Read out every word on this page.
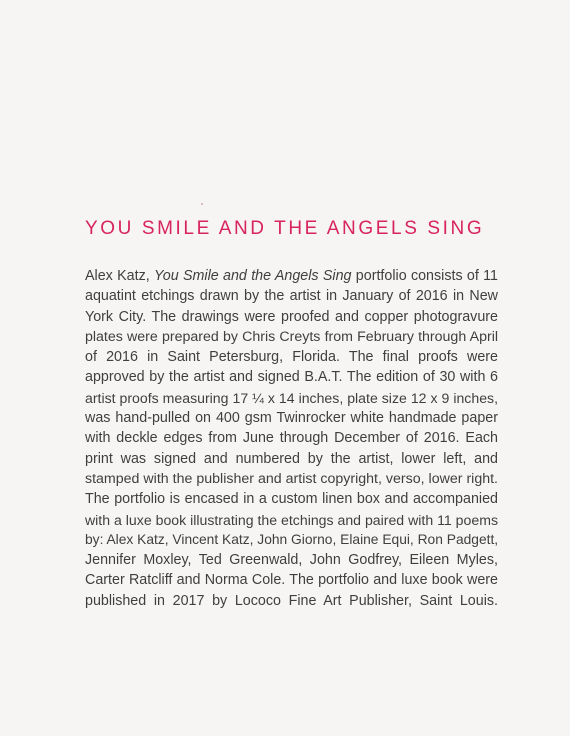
YOU SMILE AND THE ANGELS SING
Alex Katz, You Smile and the Angels Sing portfolio consists of 11
aquatint etchings drawn by the artist in January of 2016 in New
York City. The drawings were proofed and copper photogravure
plates were prepared by Chris Creyts from February through April
of 2016 in Saint Petersburg, Florida. The final proofs were
approved by the artist and signed B.A.T. The edition of 30 with 6
artist proofs measuring 17 ¼ x 14 inches, plate size 12 x 9 inches,
was hand-pulled on 400 gsm Twinrocker white handmade paper
with deckle edges from June through December of 2016. Each
print was signed and numbered by the artist, lower left, and
stamped with the publisher and artist copyright, verso, lower right.
The portfolio is encased in a custom linen box and accompanied
with a luxe book illustrating the etchings and paired with 11 poems
by: Alex Katz, Vincent Katz, John Giorno, Elaine Equi, Ron Padgett,
Jennifer Moxley, Ted Greenwald, John Godfrey, Eileen Myles,
Carter Ratcliff and Norma Cole. The portfolio and luxe book were
published in 2017 by Lococo Fine Art Publisher, Saint Louis.
